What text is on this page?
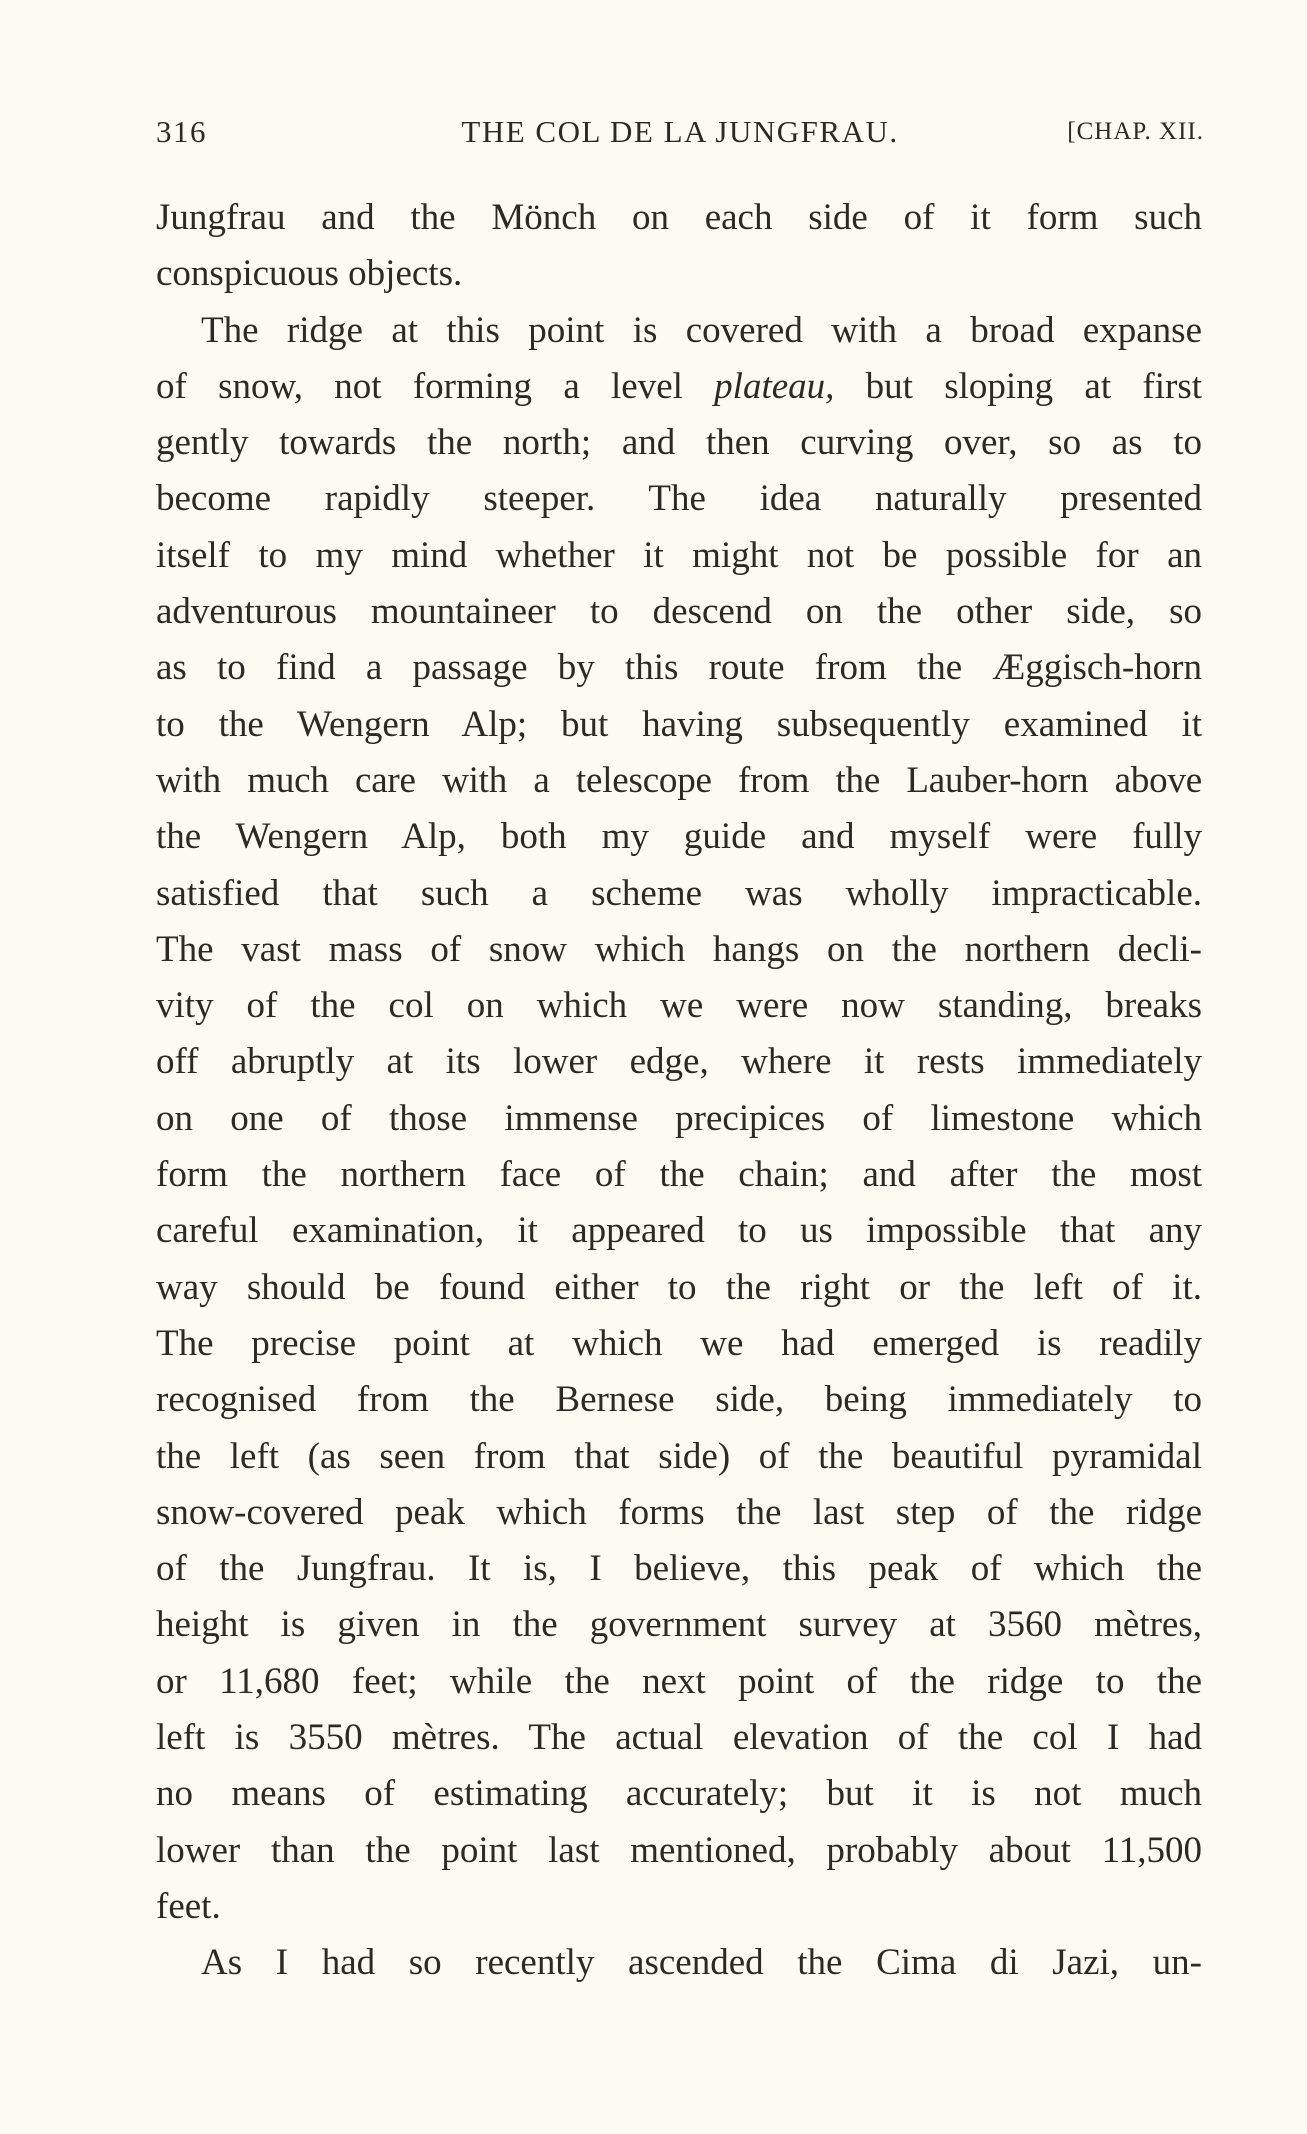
316	THE COL DE LA JUNGFRAU.	[CHAP. XII.
Jungfrau and the Mönch on each side of it form such
conspicuous objects.
The ridge at this point is covered with a broad expanse
of snow, not forming a level plateau, but sloping at first
gently towards the north; and then curving over, so as to
become rapidly steeper. The idea naturally presented
itself to my mind whether it might not be possible for an
adventurous mountaineer to descend on the other side, so
as to find a passage by this route from the Æggisch-horn
to the Wengern Alp; but having subsequently examined it
with much care with a telescope from the Lauber-horn above
the Wengern Alp, both my guide and myself were fully
satisfied that such a scheme was wholly impracticable.
The vast mass of snow which hangs on the northern decli-
vity of the col on which we were now standing, breaks
off abruptly at its lower edge, where it rests immediately
on one of those immense precipices of limestone which
form the northern face of the chain; and after the most
careful examination, it appeared to us impossible that any
way should be found either to the right or the left of it.
The precise point at which we had emerged is readily
recognised from the Bernese side, being immediately to
the left (as seen from that side) of the beautiful pyramidal
snow-covered peak which forms the last step of the ridge
of the Jungfrau. It is, I believe, this peak of which the
height is given in the government survey at 3560 mètres,
or 11,680 feet; while the next point of the ridge to the
left is 3550 mètres. The actual elevation of the col I had
no means of estimating accurately; but it is not much
lower than the point last mentioned, probably about 11,500
feet.
As I had so recently ascended the Cima di Jazi, un-
